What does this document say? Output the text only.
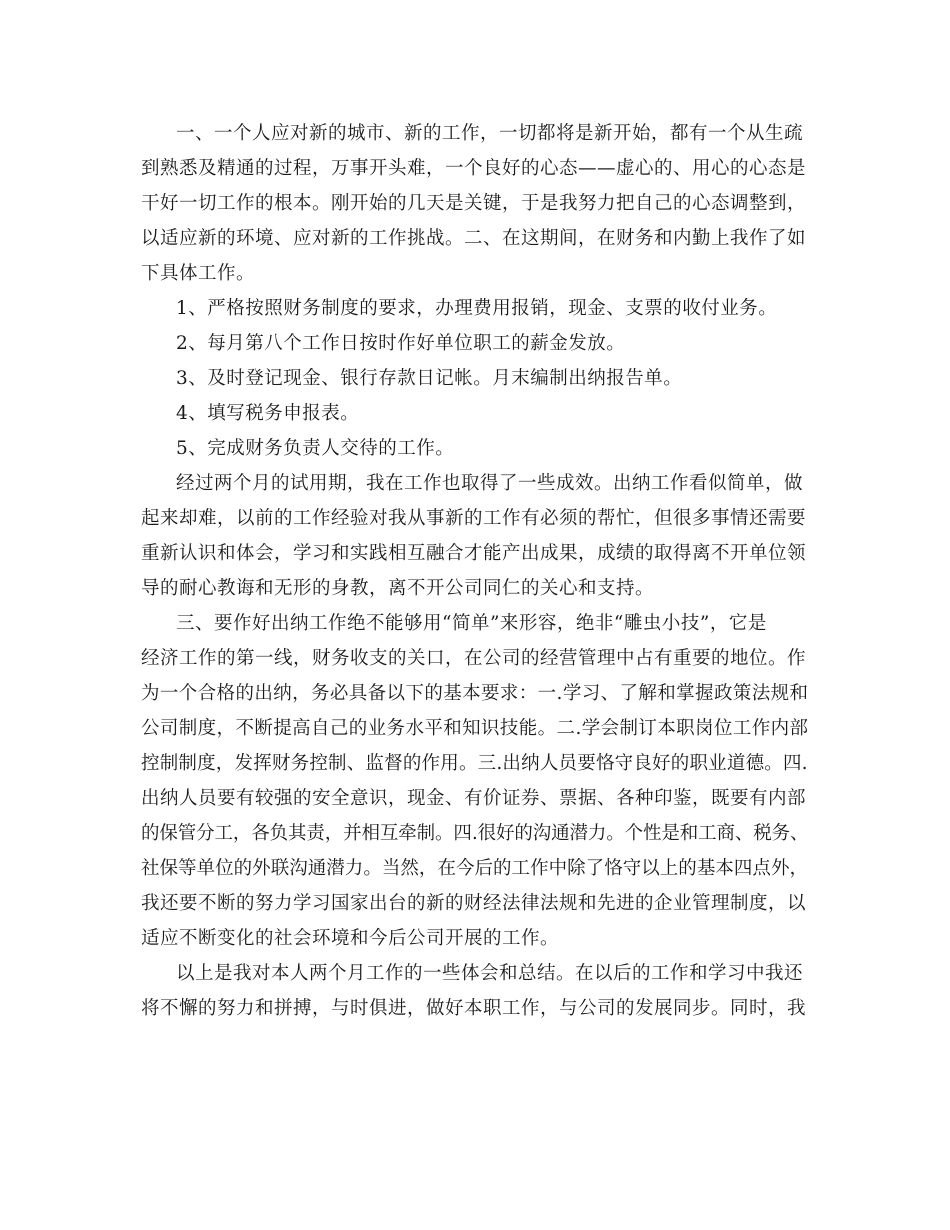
一、一个人应对新的城市、新的工作，一切都将是新开始，都有一个从生疏
到熟悉及精通的过程，万事开头难，一个良好的心态——虚心的、用心的心态是
干好一切工作的根本。刚开始的几天是关键，于是我努力把自己的心态调整到，
以适应新的环境、应对新的工作挑战。二、在这期间，在财务和内勤上我作了如
下具体工作。
1、严格按照财务制度的要求，办理费用报销，现金、支票的收付业务。
2、每月第八个工作日按时作好单位职工的薪金发放。
3、及时登记现金、银行存款日记帐。月末编制出纳报告单。
4、填写税务申报表。
5、完成财务负责人交待的工作。
经过两个月的试用期，我在工作也取得了一些成效。出纳工作看似简单，做
起来却难，以前的工作经验对我从事新的工作有必须的帮忙，但很多事情还需要
重新认识和体会，学习和实践相互融合才能产出成果，成绩的取得离不开单位领
导的耐心教诲和无形的身教，离不开公司同仁的关心和支持。
三、要作好出纳工作绝不能够用“简单”来形容，绝非“雕虫小技”，它是
经济工作的第一线，财务收支的关口，在公司的经营管理中占有重要的地位。作
为一个合格的出纳，务必具备以下的基本要求：一.学习、了解和掌握政策法规和
公司制度，不断提高自己的业务水平和知识技能。二.学会制订本职岗位工作内部
控制制度，发挥财务控制、监督的作用。三.出纳人员要恪守良好的职业道德。四.
出纳人员要有较强的安全意识，现金、有价证券、票据、各种印鉴，既要有内部
的保管分工，各负其责，并相互牵制。四.很好的沟通潜力。个性是和工商、税务、
社保等单位的外联沟通潜力。当然，在今后的工作中除了恪守以上的基本四点外，
我还要不断的努力学习国家出台的新的财经法律法规和先进的企业管理制度，以
适应不断变化的社会环境和今后公司开展的工作。
以上是我对本人两个月工作的一些体会和总结。在以后的工作和学习中我还
将不懈的努力和拼搏，与时俱进，做好本职工作，与公司的发展同步。同时，我
